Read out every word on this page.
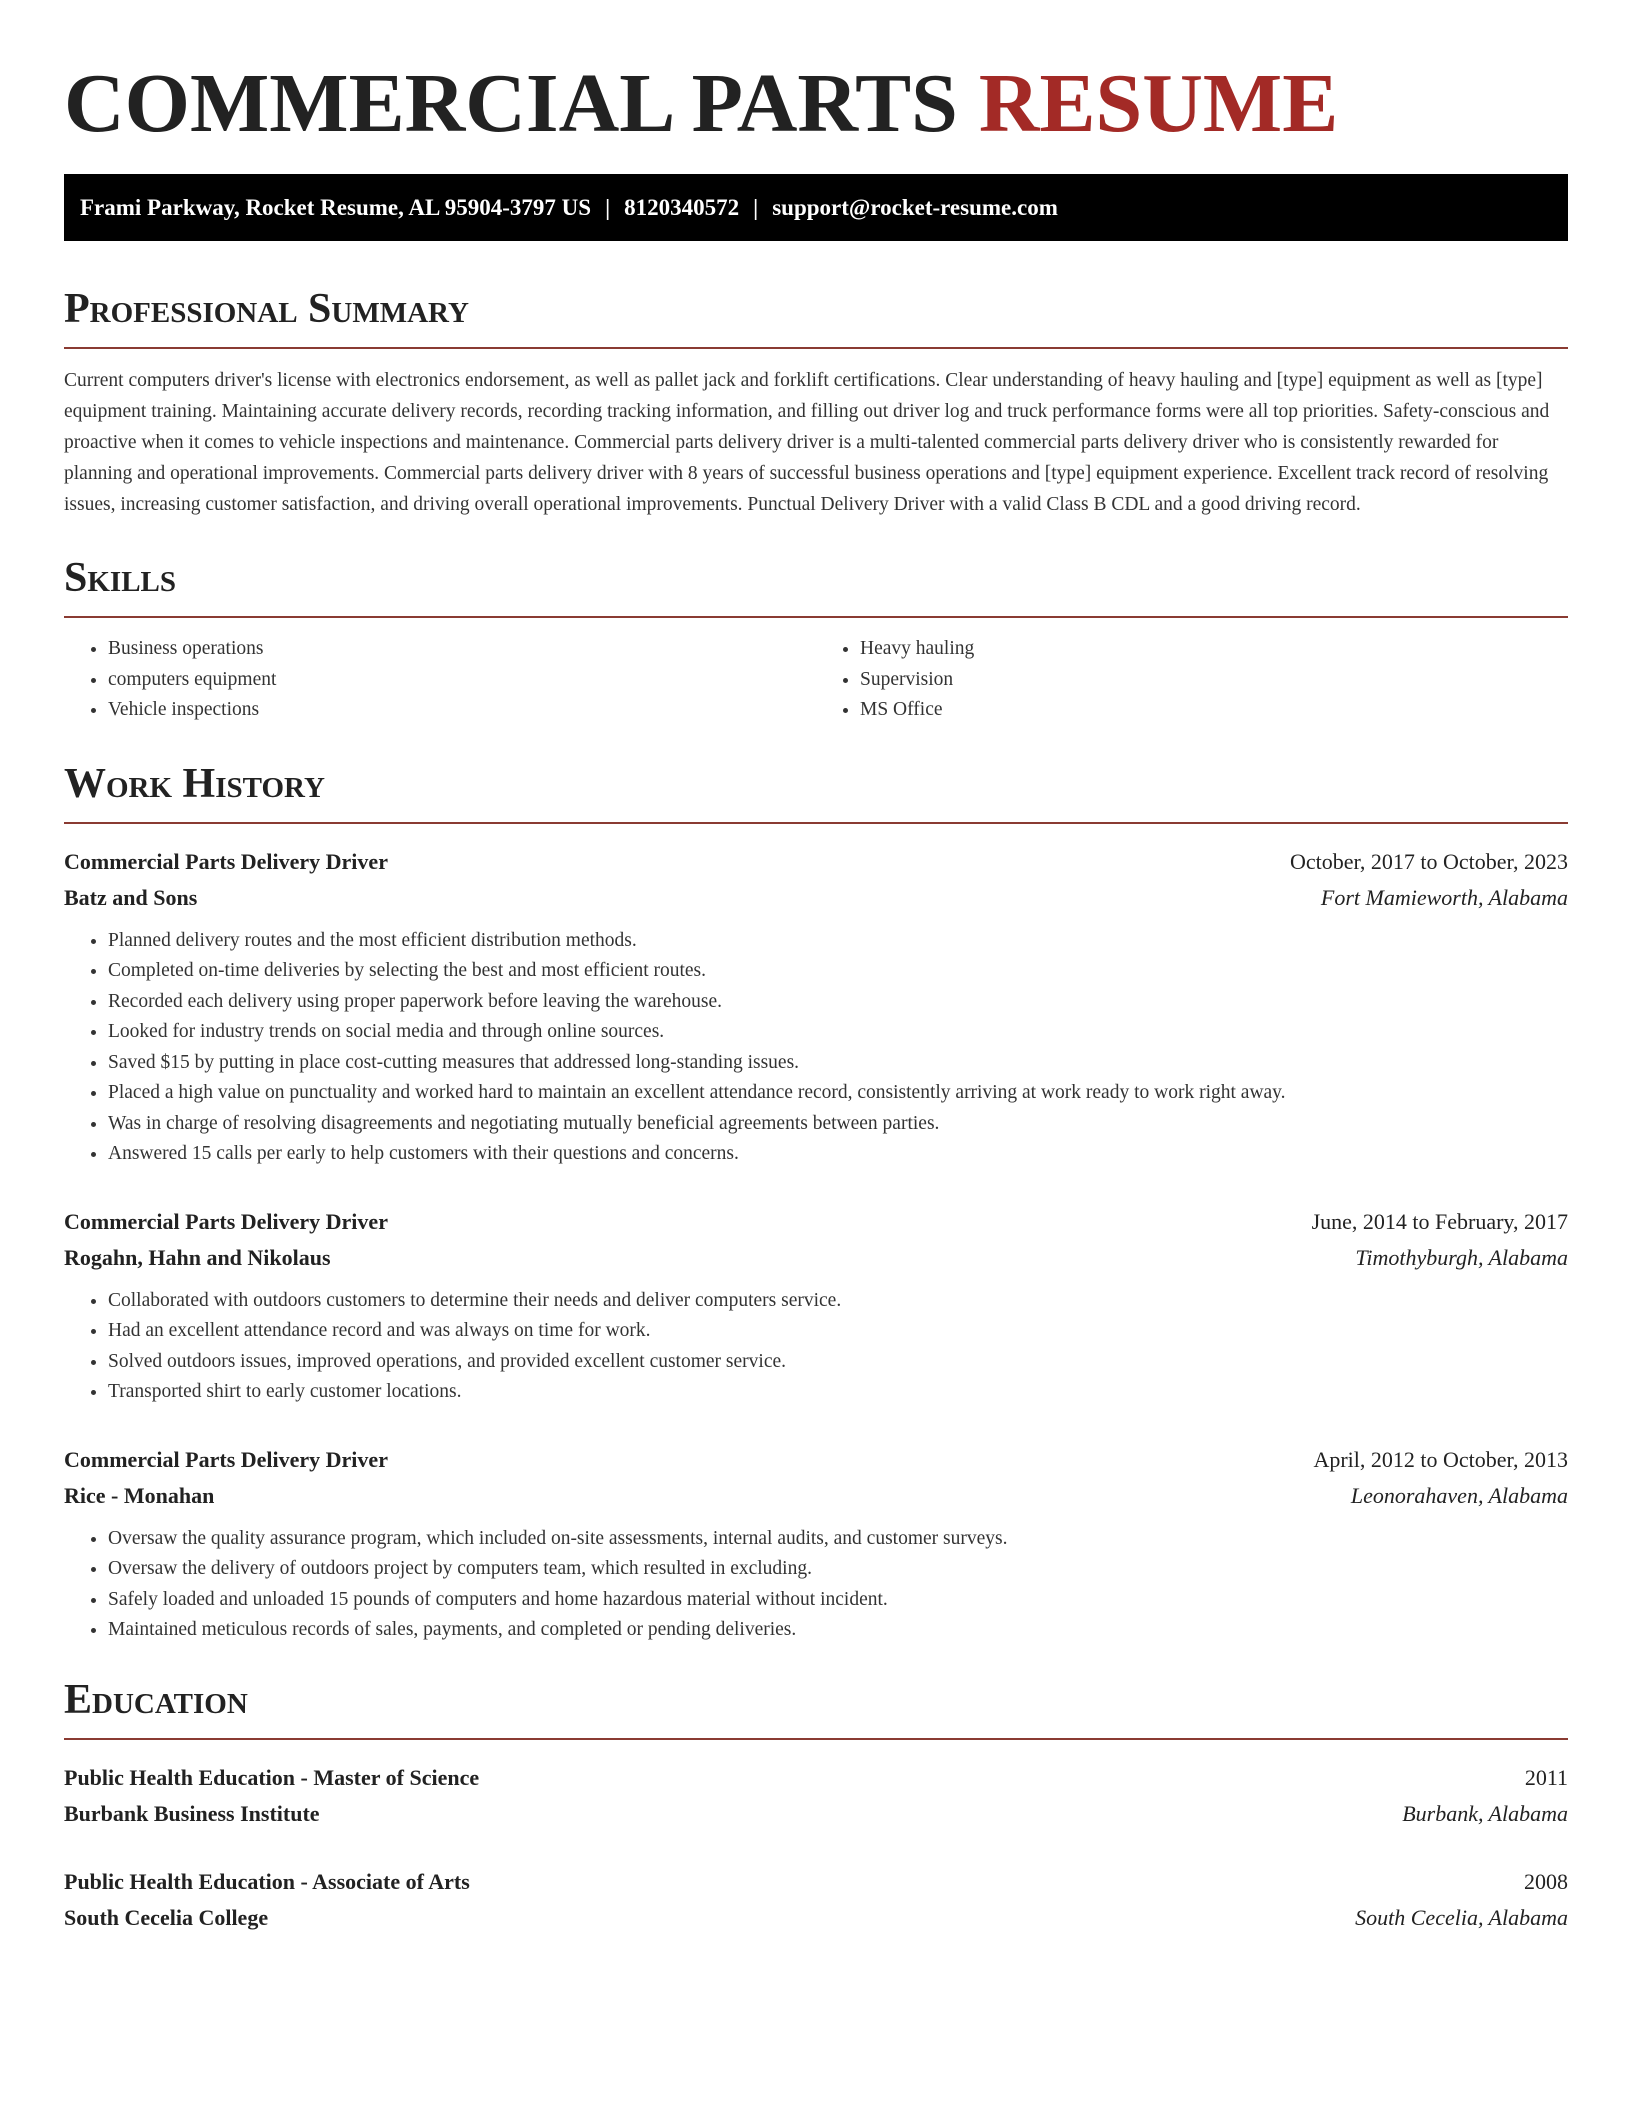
COMMERCIAL PARTS RESUME
Frami Parkway, Rocket Resume, AL 95904-3797 US | 8120340572 | support@rocket-resume.com
Professional Summary

Current computers driver's license with electronics endorsement, as well as pallet jack and forklift certifications. Clear understanding of heavy hauling and [type] equipment as well as [type] equipment training. Maintaining accurate delivery records, recording tracking information, and filling out driver log and truck performance forms were all top priorities. Safety-conscious and proactive when it comes to vehicle inspections and maintenance. Commercial parts delivery driver is a multi-talented commercial parts delivery driver who is consistently rewarded for planning and operational improvements. Commercial parts delivery driver with 8 years of successful business operations and [type] equipment experience. Excellent track record of resolving issues, increasing customer satisfaction, and driving overall operational improvements. Punctual Delivery Driver with a valid Class B CDL and a good driving record.

Skills
• Business operations
• computers equipment
• Vehicle inspections
• Heavy hauling
• Supervision
• MS Office
Work History
Commercial Parts Delivery Driver	October, 2017 to October, 2023
Batz and Sons	Fort Mamieworth, Alabama
• Planned delivery routes and the most efficient distribution methods.
• Completed on-time deliveries by selecting the best and most efficient routes.
• Recorded each delivery using proper paperwork before leaving the warehouse.
• Looked for industry trends on social media and through online sources.
• Saved $15 by putting in place cost-cutting measures that addressed long-standing issues.
• Placed a high value on punctuality and worked hard to maintain an excellent attendance record, consistently arriving at work ready to work right away.
• Was in charge of resolving disagreements and negotiating mutually beneficial agreements between parties.
• Answered 15 calls per early to help customers with their questions and concerns.
Commercial Parts Delivery Driver	June, 2014 to February, 2017
Rogahn, Hahn and Nikolaus	Timothyburgh, Alabama
• Collaborated with outdoors customers to determine their needs and deliver computers service.
• Had an excellent attendance record and was always on time for work.
• Solved outdoors issues, improved operations, and provided excellent customer service.
• Transported shirt to early customer locations.
Commercial Parts Delivery Driver	April, 2012 to October, 2013
Rice - Monahan	Leonorahaven, Alabama
• Oversaw the quality assurance program, which included on-site assessments, internal audits, and customer surveys.
• Oversaw the delivery of outdoors project by computers team, which resulted in excluding.
• Safely loaded and unloaded 15 pounds of computers and home hazardous material without incident.
• Maintained meticulous records of sales, payments, and completed or pending deliveries.
Education
Public Health Education - Master of Science	2011
Burbank Business Institute	Burbank, Alabama
Public Health Education - Associate of Arts	2008
South Cecelia College	South Cecelia, Alabama
